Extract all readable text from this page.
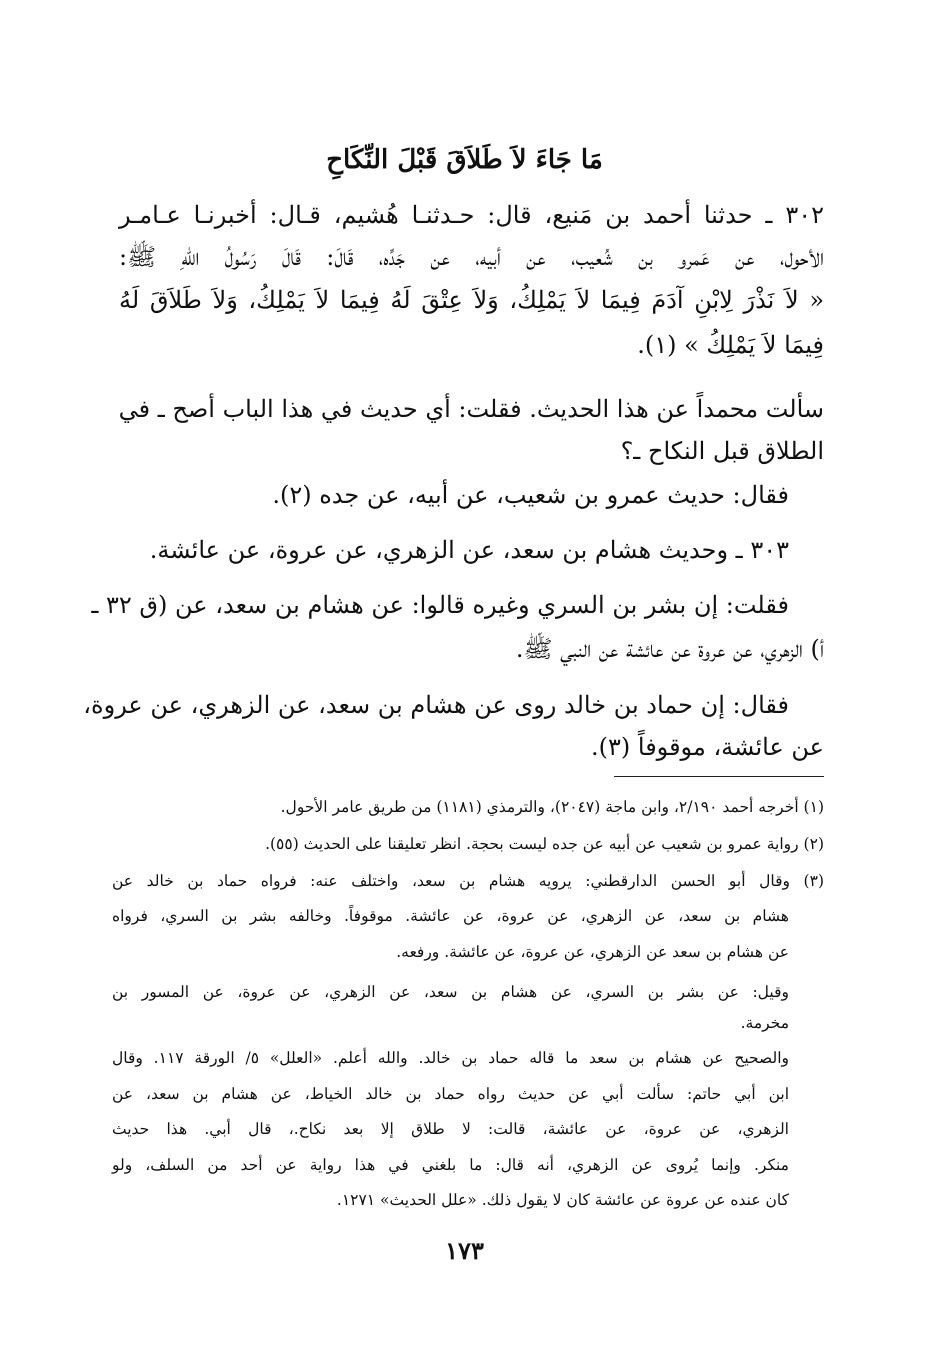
مَا جَاءَ لاَ طَلاَقَ قَبْلَ النِّكَاحِ
٣٠٢ ـ حدثنا أحمد بن مَنيع، قال: حـدثنـا هُشيم، قـال: أخبرنـا عـامـر
الأحول، عن عَمرو بن شُعيب، عن أبيه، عن جَدِّه، قَالَ: قَالَ رَسُولُ اللهِ ﷺ:
« لاَ نَذْرَ لِابْنِ آدَمَ فِيمَا لاَ يَمْلِكُ، وَلاَ عِتْقَ لَهُ فِيمَا لاَ يَمْلِكُ، وَلاَ طَلاَقَ لَهُ
فِيمَا لاَ يَمْلِكُ » (١).
سألت محمداً عن هذا الحديث. فقلت: أي حديث في هذا الباب أصح ـ في
الطلاق قبل النكاح ـ؟
فقال: حديث عمرو بن شعيب، عن أبيه، عن جده (٢).
٣٠٣ ـ وحديث هشام بن سعد، عن الزهري، عن عروة، عن عائشة.
فقلت: إن بشر بن السري وغيره قالوا: عن هشام بن سعد، عن (ق ٣٢ ـ
أ) الزهري، عن عروة عن عائشة عن النبي ﷺ.
فقال: إن حماد بن خالد روى عن هشام بن سعد، عن الزهري، عن عروة،
عن عائشة، موقوفاً (٣).
(١) أخرجه أحمد ٢/١٩٠، وابن ماجة (٢٠٤٧)، والترمذي (١١٨١) من طريق عامر الأحول.
(٢) رواية عمرو بن شعيب عن أبيه عن جده ليست بحجة. انظر تعليقنا على الحديث (٥٥).
(٣) وقال أبو الحسن الدارقطني: يرويه هشام بن سعد، واختلف عنه: فرواه حماد بن خالد عن
هشام بن سعد، عن الزهري، عن عروة، عن عائشة. موقوفاً. وخالفه بشر بن السري، فرواه
عن هشام بن سعد عن الزهري، عن عروة، عن عائشة. ورفعه.
وقيل: عن بشر بن السري، عن هشام بن سعد، عن الزهري، عن عروة، عن المسور بن
مخرمة.
والصحيح عن هشام بن سعد ما قاله حماد بن خالد. والله أعلم. «العلل» ٥/ الورقة ١١٧. وقال
ابن أبي حاتم: سألت أبي عن حديث رواه حماد بن خالد الخياط، عن هشام بن سعد، عن
الزهري، عن عروة، عن عائشة، قالت: لا طلاق إلا بعد نكاح.، قال أبي. هذا حديث
منكر. وإنما يُروى عن الزهري، أنه قال: ما بلغني في هذا رواية عن أحد من السلف، ولو
كان عنده عن عروة عن عائشة كان لا يقول ذلك. «علل الحديث» ١٢٧١.
١٧٣
